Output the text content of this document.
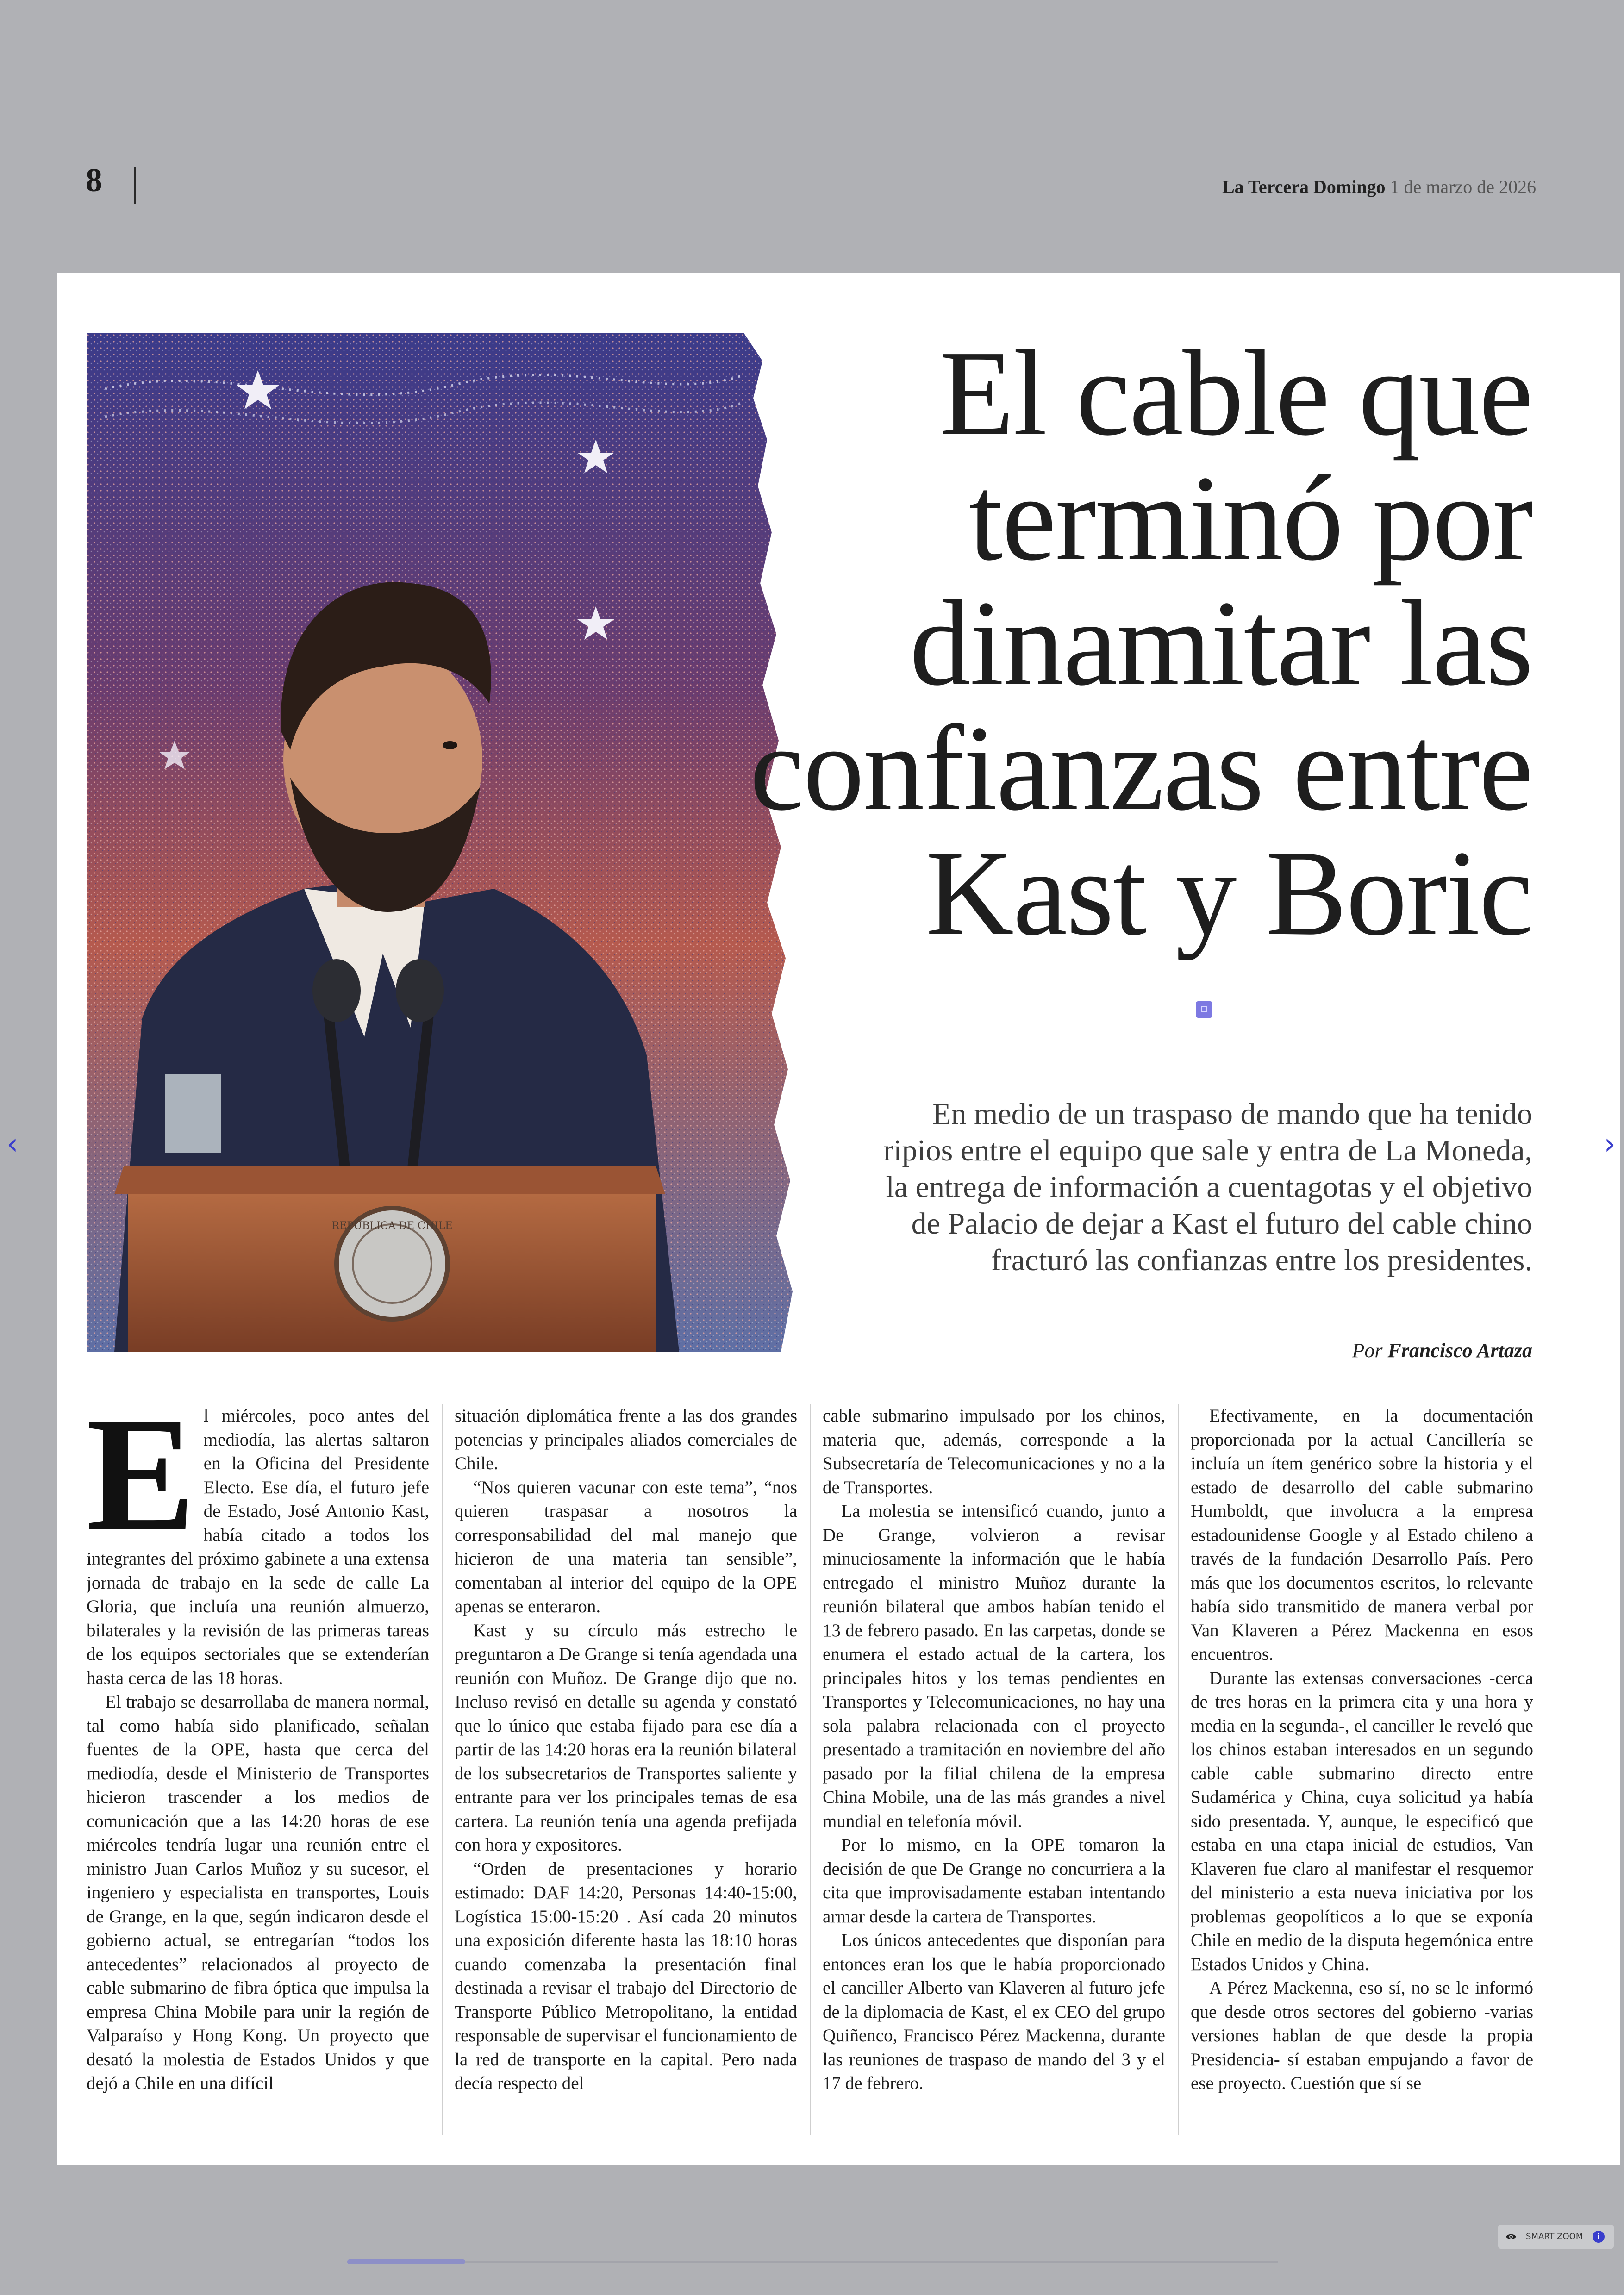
8	La Tercera Domingo 1 de marzo de 2026
REPÚBLICA DE CHILE
El cable que terminó por dinamitar las confianzas entre Kast y Boric

En medio de un traspaso de mando que ha tenido ripios entre el equipo que sale y entra de La Moneda, la entrega de información a cuentagotas y el objetivo de Palacio de dejar a Kast el futuro del cable chino fracturó las confianzas entre los presidentes.

Por Francisco Artaza
E l miércoles, poco antes del mediodía, las alertas saltaron en la Oficina del Presidente Electo. Ese día, el futuro jefe de Estado, José Antonio Kast, había citado a todos los integrantes del próximo gabinete a una extensa jornada de trabajo en la sede de calle La Gloria, que incluía una reunión almuerzo, bilaterales y la revisión de las primeras tareas de los equipos sectoriales que se extenderían hasta cerca de las 18 horas.

El trabajo se desarrollaba de manera normal, tal como había sido planificado, señalan fuentes de la OPE, hasta que cerca del mediodía, desde el Ministerio de Transportes hicieron trascender a los medios de comunicación que a las 14:20 horas de ese miércoles tendría lugar una reunión entre el ministro Juan Carlos Muñoz y su sucesor, el ingeniero y especialista en transportes, Louis de Grange, en la que, según indicaron desde el gobierno actual, se entregarían “todos los antecedentes” relacionados al proyecto de cable submarino de fibra óptica que impulsa la empresa China Mobile para unir la región de Valparaíso y Hong Kong. Un proyecto que desató la molestia de Estados Unidos y que dejó a Chile en una difícil

situación diplomática frente a las dos grandes potencias y principales aliados comerciales de Chile.

“Nos quieren vacunar con este tema”, “nos quieren traspasar a nosotros la corresponsabilidad del mal manejo que hicieron de una materia tan sensible”, comentaban al interior del equipo de la OPE apenas se enteraron.

Kast y su círculo más estrecho le preguntaron a De Grange si tenía agendada una reunión con Muñoz. De Grange dijo que no. Incluso revisó en detalle su agenda y constató que lo único que estaba fijado para ese día a partir de las 14:20 horas era la reunión bilateral de los subsecretarios de Transportes saliente y entrante para ver los principales temas de esa cartera. La reunión tenía una agenda prefijada con hora y expositores.

“Orden de presentaciones y horario estimado: DAF 14:20, Personas 14:40-15:00, Logística 15:00-15:20 . Así cada 20 minutos una exposición diferente hasta las 18:10 horas cuando comenzaba la presentación final destinada a revisar el trabajo del Directorio de Transporte Público Metropolitano, la entidad responsable de supervisar el funcionamiento de la red de transporte en la capital. Pero nada decía respecto del

cable submarino impulsado por los chinos, materia que, además, corresponde a la Subsecretaría de Telecomunicaciones y no a la de Transportes.

La molestia se intensificó cuando, junto a De Grange, volvieron a revisar minuciosamente la información que le había entregado el ministro Muñoz durante la reunión bilateral que ambos habían tenido el 13 de febrero pasado. En las carpetas, donde se enumera el estado actual de la cartera, los principales hitos y los temas pendientes en Transportes y Telecomunicaciones, no hay una sola palabra relacionada con el proyecto presentado a tramitación en noviembre del año pasado por la filial chilena de la empresa China Mobile, una de las más grandes a nivel mundial en telefonía móvil.

Por lo mismo, en la OPE tomaron la decisión de que De Grange no concurriera a la cita que improvisadamente estaban intentando armar desde la cartera de Transportes.

Los únicos antecedentes que disponían para entonces eran los que le había proporcionado el canciller Alberto van Klaveren al futuro jefe de la diplomacia de Kast, el ex CEO del grupo Quiñenco, Francisco Pérez Mackenna, durante las reuniones de traspaso de mando del 3 y el 17 de febrero.

Efectivamente, en la documentación proporcionada por la actual Cancillería se incluía un ítem genérico sobre la historia y el estado de desarrollo del cable submarino Humboldt, que involucra a la empresa estadounidense Google y al Estado chileno a través de la fundación Desarrollo País. Pero más que los documentos escritos, lo relevante había sido transmitido de manera verbal por Van Klaveren a Pérez Mackenna en esos encuentros.

Durante las extensas conversaciones -cerca de tres horas en la primera cita y una hora y media en la segunda-, el canciller le reveló que los chinos estaban interesados en un segundo cable cable submarino directo entre Sudamérica y China, cuya solicitud ya había sido presentada. Y, aunque, le especificó que estaba en una etapa inicial de estudios, Van Klaveren fue claro al manifestar el resquemor del ministerio a esta nueva iniciativa por los problemas geopolíticos a lo que se exponía Chile en medio de la disputa hegemónica entre Estados Unidos y China.

A Pérez Mackenna, eso sí, no se le informó que desde otros sectores del gobierno -varias versiones hablan de que desde la propia Presidencia- sí estaban empujando a favor de ese proyecto. Cuestión que sí se

‹	›
SMART ZOOM	i
